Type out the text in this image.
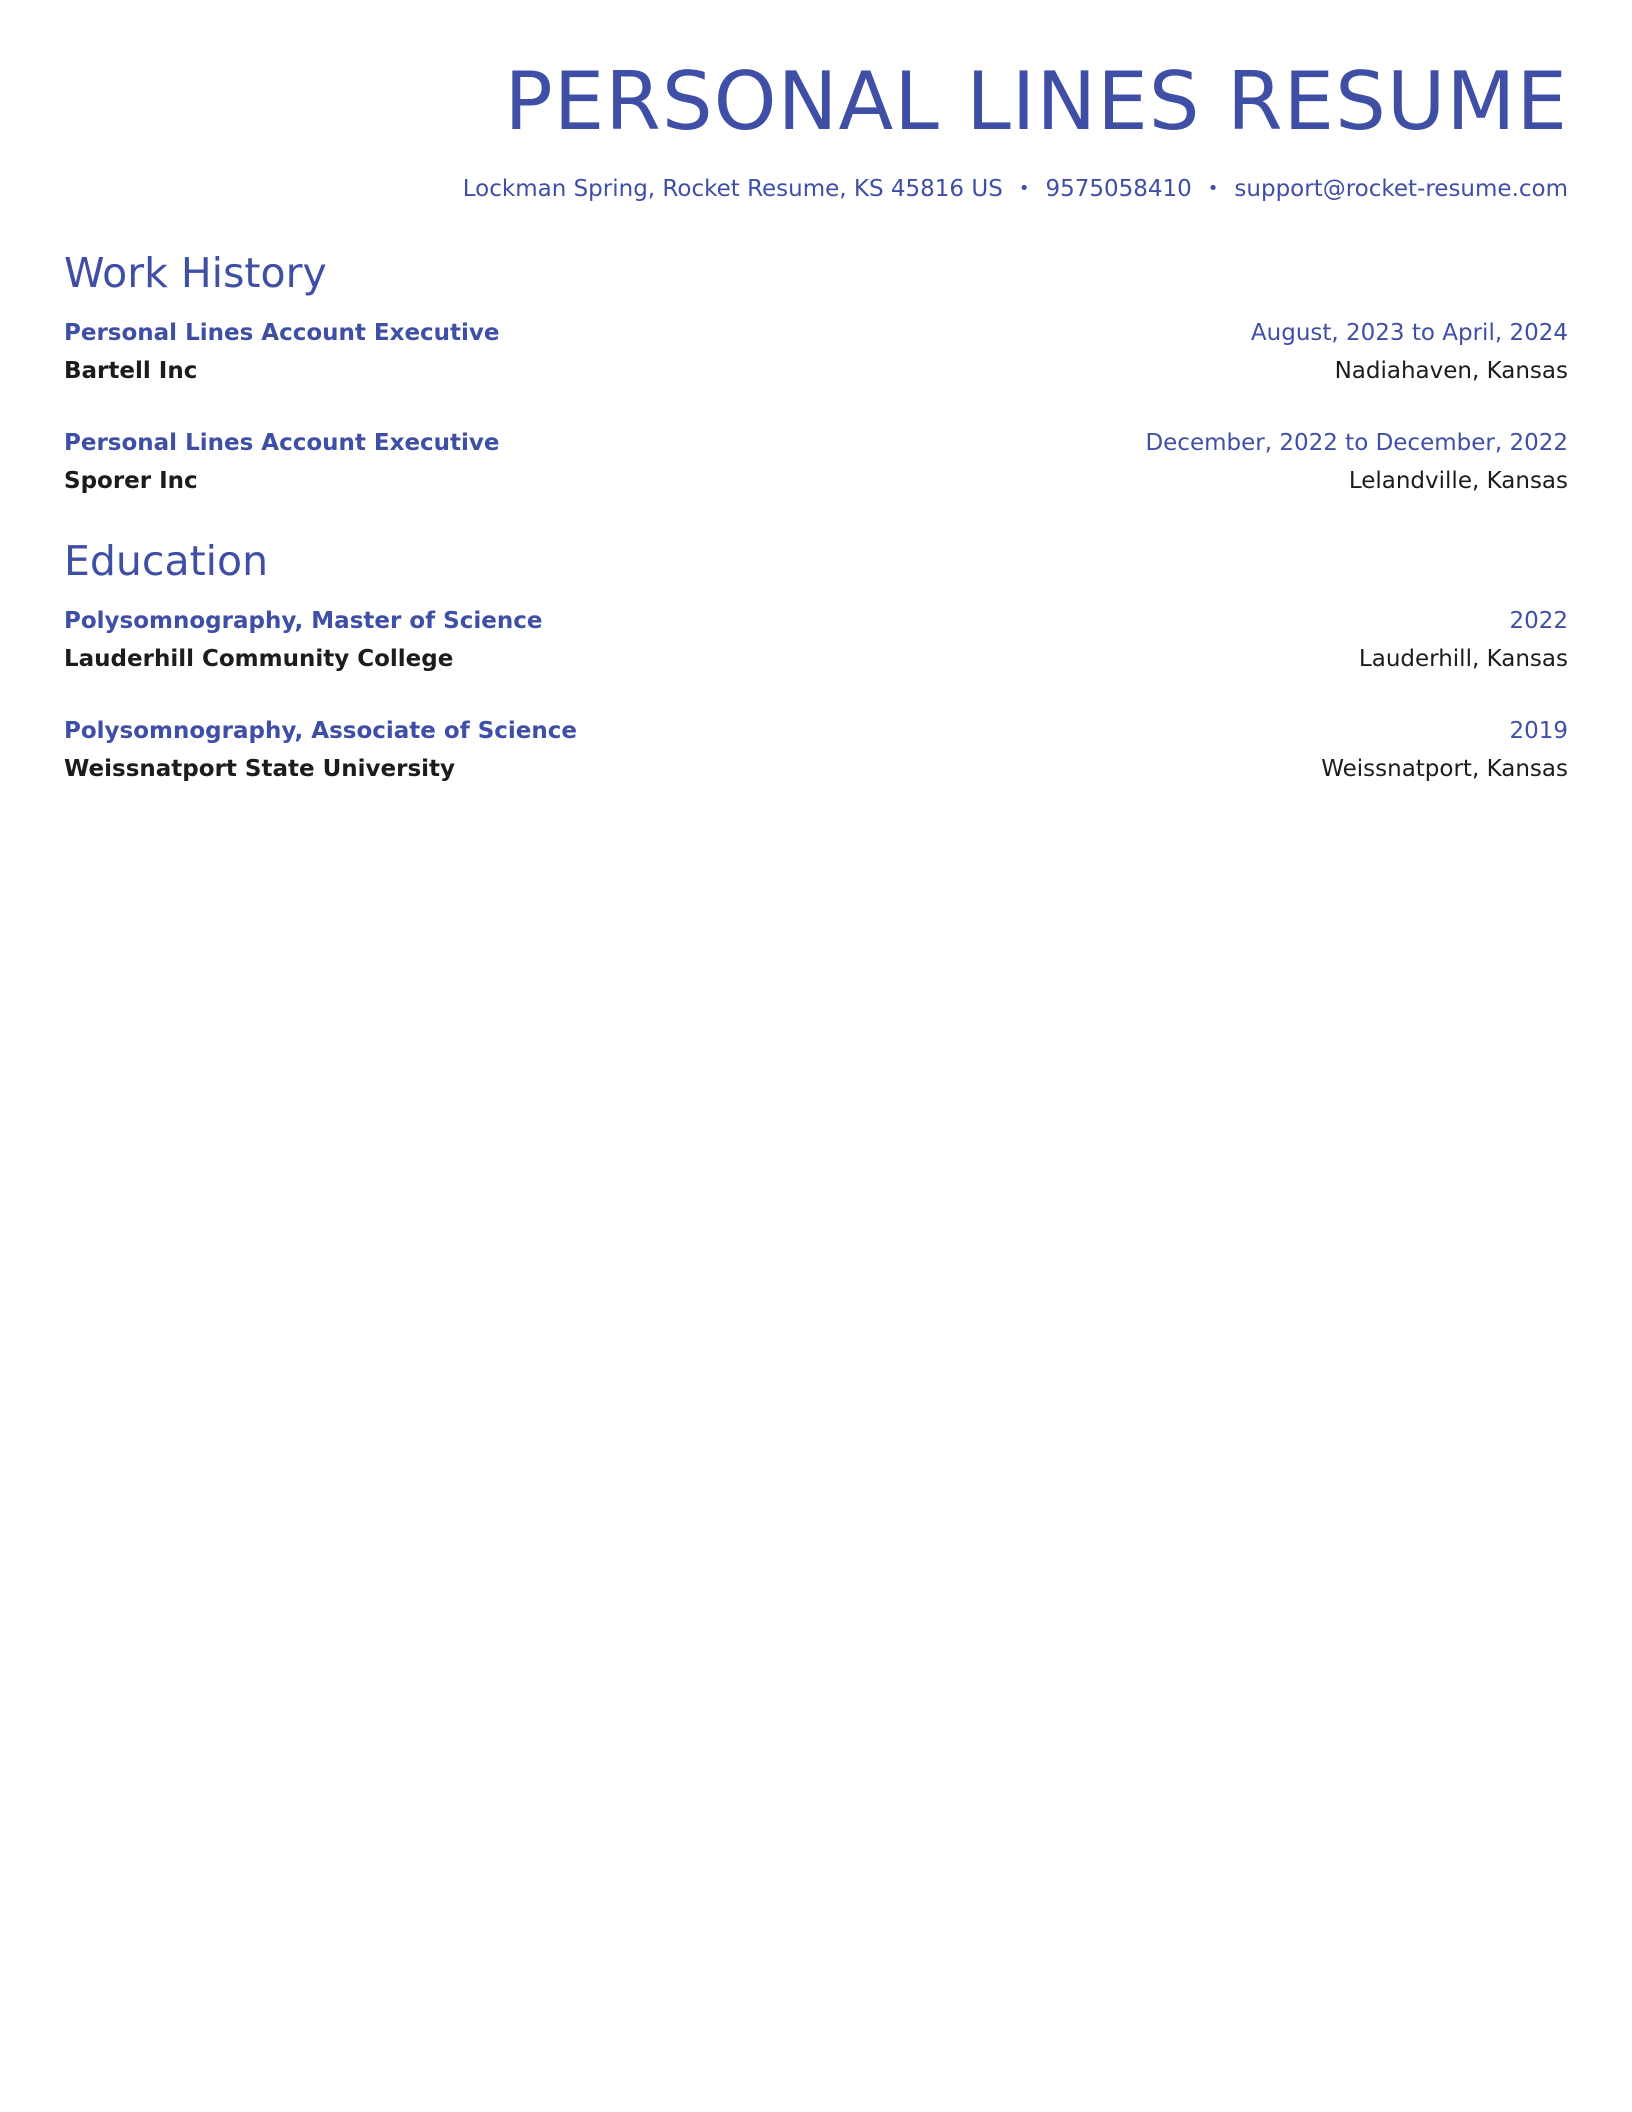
PERSONAL LINES RESUME
Lockman Spring, Rocket Resume, KS 45816 US • 9575058410 • support@rocket-resume.com
Work History
Personal Lines Account Executive	August, 2023 to April, 2024
Bartell Inc	Nadiahaven, Kansas
Personal Lines Account Executive	December, 2022 to December, 2022
Sporer Inc	Lelandville, Kansas
Education
Polysomnography, Master of Science	2022
Lauderhill Community College	Lauderhill, Kansas
Polysomnography, Associate of Science	2019
Weissnatport State University	Weissnatport, Kansas
